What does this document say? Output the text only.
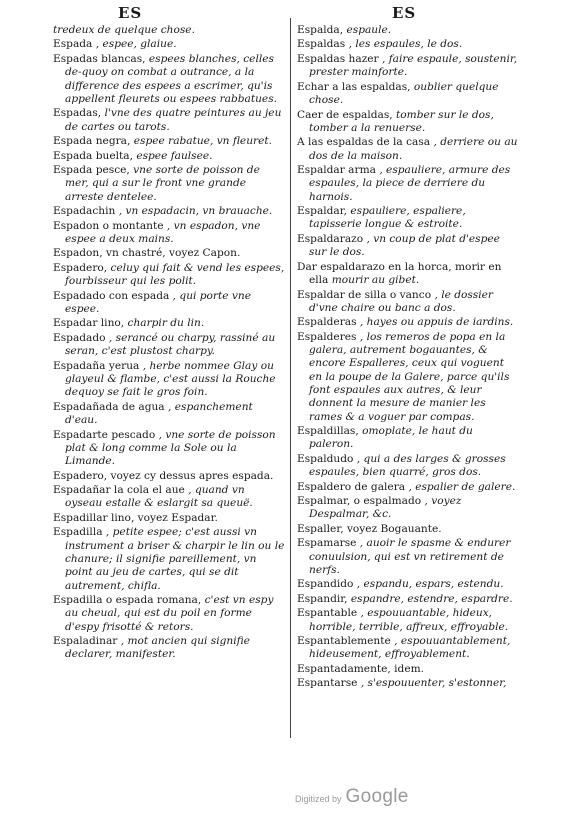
ES	ES

tredeux de quelque chose.

Espada , espee, glaiue.

Espadas blancas, espees blanches, celles de-quoy on combat a outrance, a la difference des espees a escrimer, qu'is appellent fleurets ou espees rabbatues.

Espadas, l'vne des quatre peintures au jeu de cartes ou tarots.

Espada negra, espee rabatue, vn fleuret.

Espada buelta, espee faulsee.

Espada pesce, vne sorte de poisson de mer, qui a sur le front vne grande arreste dentelee.

Espadachin , vn espadacin, vn brauache.

Espadon o montante , vn espadon, vne espee a deux mains.

Espadon, vn chastré, voyez Capon.

Espadero, celuy qui fait & vend les espees, fourbisseur qui les polit.

Espadado con espada , qui porte vne espee.

Espadar lino, charpir du lin.

Espadado , serancé ou charpy, rassiné au seran, c'est plustost charpy.

Espadaña yerua , herbe nommee Glay ou glayeul & flambe, c'est aussi la Rouche dequoy se fait le gros foin.

Espadañada de agua , espanchement d'eau.

Espadarte pescado , vne sorte de poisson plat & long comme la Sole ou la Limande.

Espadero, voyez cy dessus apres espada.

Espadañar la cola el aue , quand vn oyseau estalle & eslargit sa queuë.

Espadillar lino, voyez Espadar.

Espadilla , petite espee; c'est aussi vn instrument a briser & charpir le lin ou le chanure; il signifie pareillement, vn point au jeu de cartes, qui se dit autrement, chifla.

Espadilla o espada romana, c'est vn espy au cheual, qui est du poil en forme d'espy frisotté & retors.

Espaladinar , mot ancien qui signifie declarer, manifester.

Espalda, espaule.

Espaldas , les espaules, le dos.

Espaldas hazer , faire espaule, soustenir, prester mainforte.

Echar a las espaldas, oublier quelque chose.

Caer de espaldas, tomber sur le dos, tomber a la renuerse.

A las espaldas de la casa , derriere ou au dos de la maison.

Espaldar arma , espauliere, armure des espaules, la piece de derriere du harnois.

Espaldar, espauliere, espaliere, tapisserie longue & estroite.

Espaldarazo , vn coup de plat d'espee sur le dos.

Dar espaldarazo en la horca, morir en ella mourir au gibet.

Espaldar de silla o vanco , le dossier d'vne chaire ou banc a dos.

Espalderas , hayes ou appuis de iardins.

Espalderes , los remeros de popa en la galera, autrement bogauantes, & encore Espalleres, ceux qui voguent en la poupe de la Galere, parce qu'ils font espaules aux autres, & leur donnent la mesure de manier les rames & a voguer par compas.

Espaldillas, omoplate, le haut du paleron.

Espaldudo , qui a des larges & grosses espaules, bien quarré, gros dos.

Espaldero de galera , espalier de galere.

Espalmar, o espalmado , voyez Despalmar, &c.

Espaller, voyez Bogauante.

Espamarse , auoir le spasme & endurer conuulsion, qui est vn retirement de nerfs.

Espandido , espandu, espars, estendu.

Espandir, espandre, estendre, espardre.

Espantable , espouuantable, hideux, horrible, terrible, affreux, effroyable.

Espantablemente , espouuantablement, hideusement, effroyablement.

Espantadamente, idem.

Espantarse , s'espouuenter, s'estonner,

Digitized by Google
